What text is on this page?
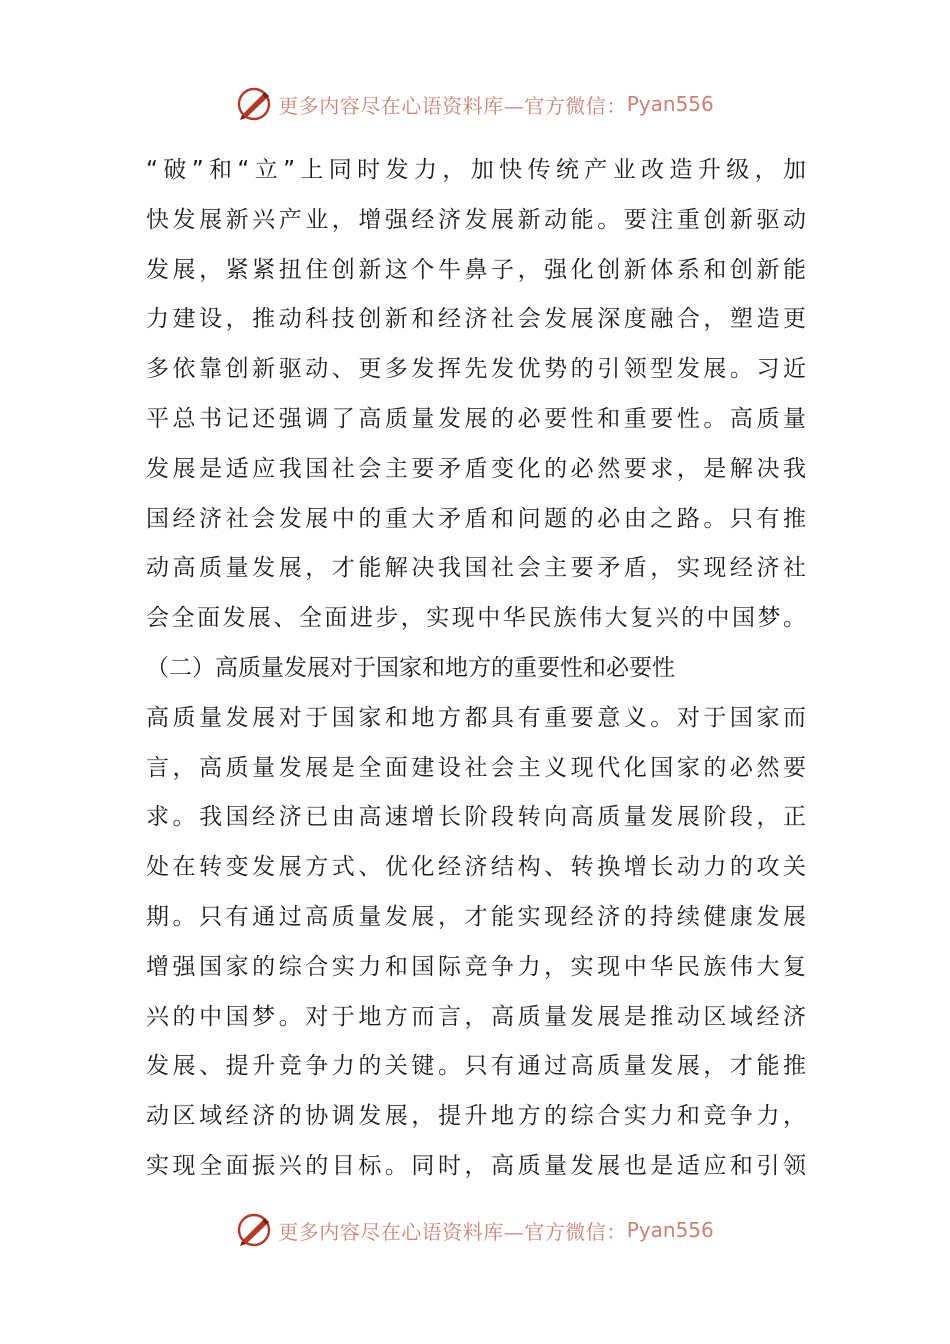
更多内容尽在心语资料库—官方微信： Pyan556
“破”和“立”上同时发力，加快传统产业改造升级，加
快发展新兴产业，增强经济发展新动能。要注重创新驱动
发展，紧紧扭住创新这个牛鼻子，强化创新体系和创新能
力建设，推动科技创新和经济社会发展深度融合，塑造更
多依靠创新驱动、更多发挥先发优势的引领型发展。习近
平总书记还强调了高质量发展的必要性和重要性。高质量
发展是适应我国社会主要矛盾变化的必然要求，是解决我
国经济社会发展中的重大矛盾和问题的必由之路。只有推
动高质量发展，才能解决我国社会主要矛盾，实现经济社
会全面发展、全面进步，实现中华民族伟大复兴的中国梦。
（二）高质量发展对于国家和地方的重要性和必要性
高质量发展对于国家和地方都具有重要意义。对于国家而
言，高质量发展是全面建设社会主义现代化国家的必然要
求。我国经济已由高速增长阶段转向高质量发展阶段，正
处在转变发展方式、优化经济结构、转换增长动力的攻关
期。只有通过高质量发展，才能实现经济的持续健康发展
增强国家的综合实力和国际竞争力，实现中华民族伟大复
兴的中国梦。对于地方而言，高质量发展是推动区域经济
发展、提升竞争力的关键。只有通过高质量发展，才能推
动区域经济的协调发展，提升地方的综合实力和竞争力，
实现全面振兴的目标。同时，高质量发展也是适应和引领
更多内容尽在心语资料库—官方微信： Pyan556
